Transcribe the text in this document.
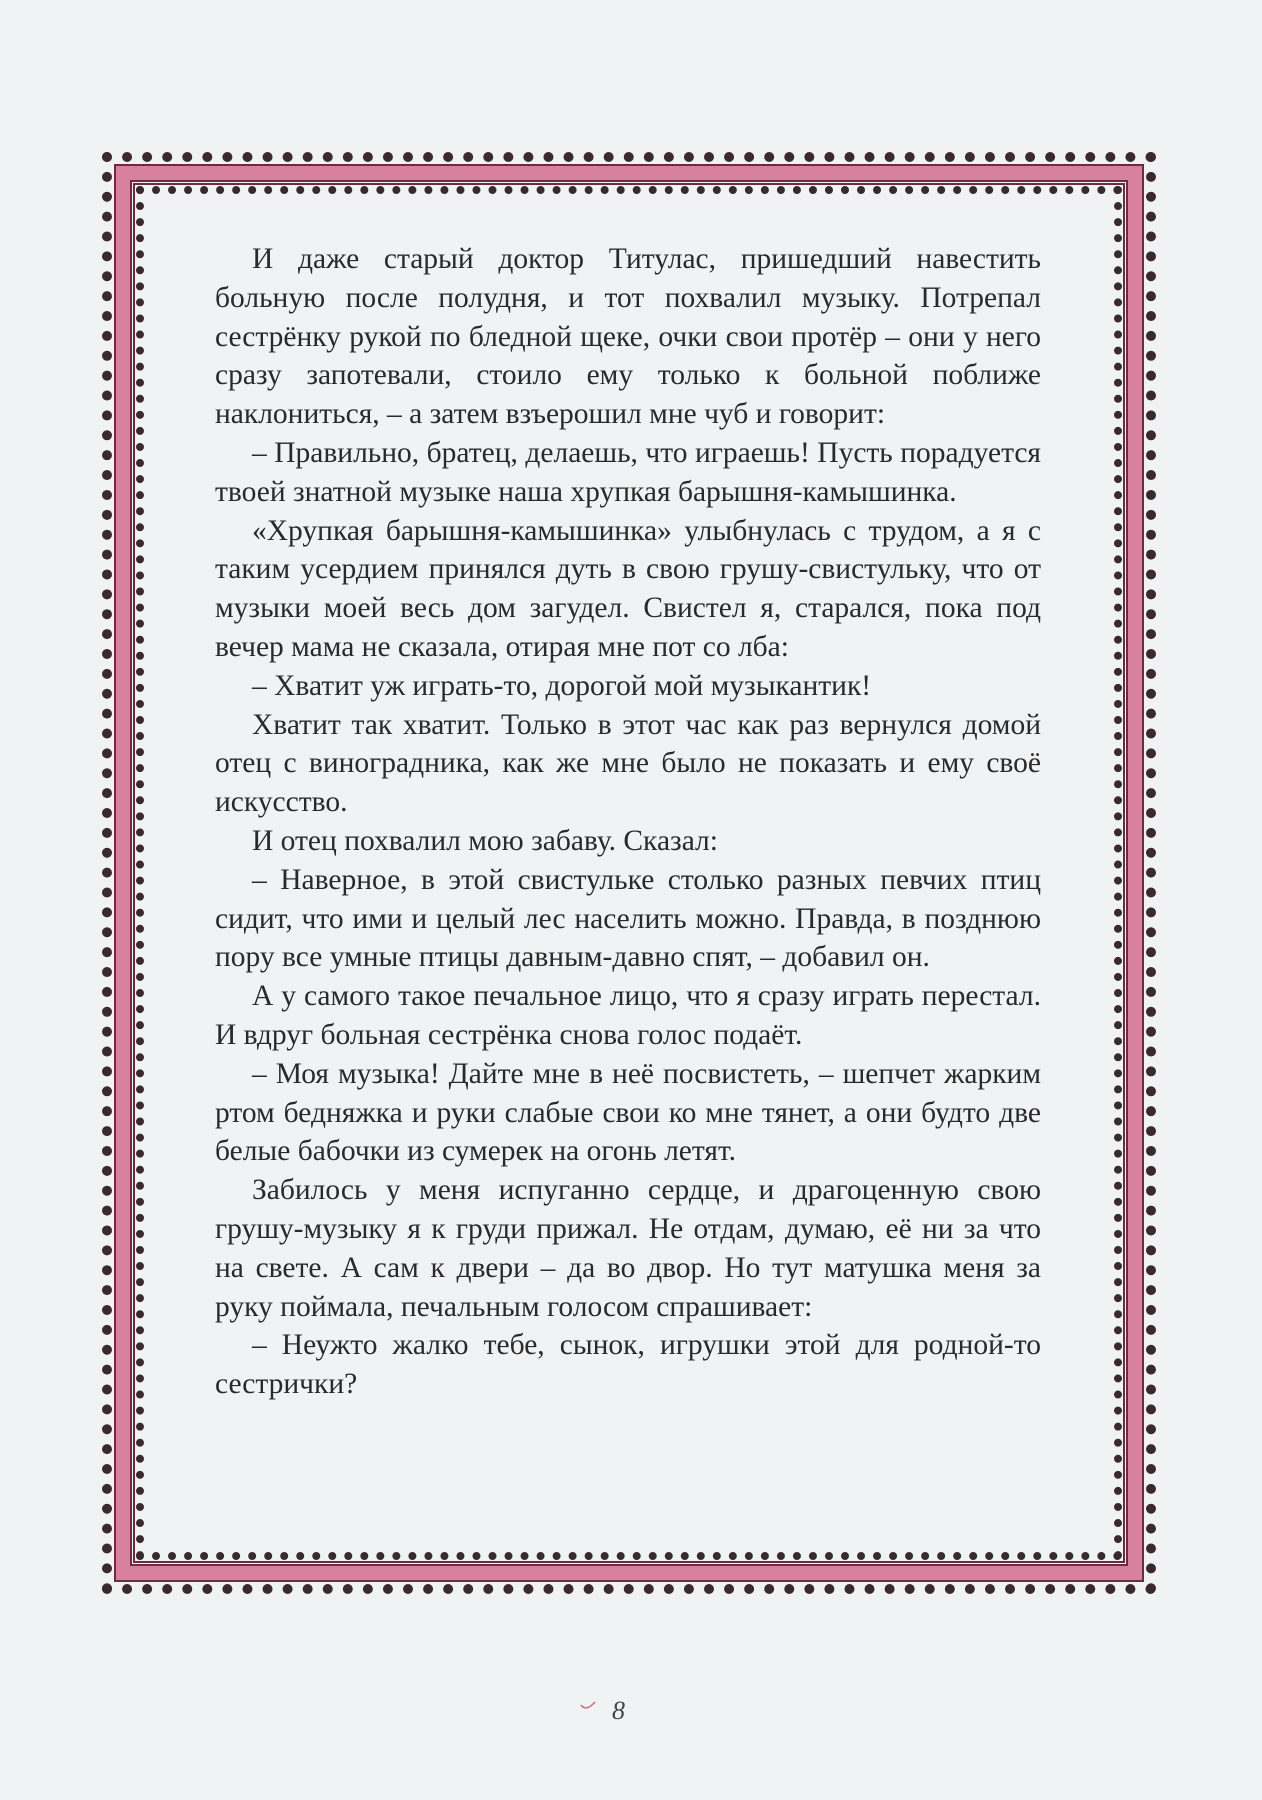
И даже старый доктор Титулас, пришедший навестить больную после полудня, и тот похвалил музыку. Потрепал сестрёнку рукой по бледной щеке, очки свои протёр – они у него сразу запотевали, стоило ему только к больной поближе наклониться, – а затем взъерошил мне чуб и говорит:

– Правильно, братец, делаешь, что играешь! Пусть порадуется твоей знатной музыке наша хрупкая барышня-камышинка.

«Хрупкая барышня-камышинка» улыбнулась с трудом, а я с таким усердием принялся дуть в свою грушу-свистульку, что от музыки моей весь дом загудел. Свистел я, старался, пока под вечер мама не сказала, отирая мне пот со лба:

– Хватит уж играть-то, дорогой мой музыкантик!

Хватит так хватит. Только в этот час как раз вернулся домой отец с виноградника, как же мне было не показать и ему своё искусство.

И отец похвалил мою забаву. Сказал:

– Наверное, в этой свистульке столько разных певчих птиц сидит, что ими и целый лес населить можно. Правда, в позднюю пору все умные птицы давным-давно спят, – добавил он.

А у самого такое печальное лицо, что я сразу играть перестал. И вдруг больная сестрёнка снова голос подаёт.

– Моя музыка! Дайте мне в неё посвистеть, – шепчет жарким ртом бедняжка и руки слабые свои ко мне тянет, а они будто две белые бабочки из сумерек на огонь летят.

Забилось у меня испуганно сердце, и драгоценную свою грушу-музыку я к груди прижал. Не отдам, думаю, её ни за что на свете. А сам к двери – да во двор. Но тут матушка меня за руку поймала, печальным голосом спрашивает:

– Неужто жалко тебе, сынок, игрушки этой для родной-то сестрички?

8
